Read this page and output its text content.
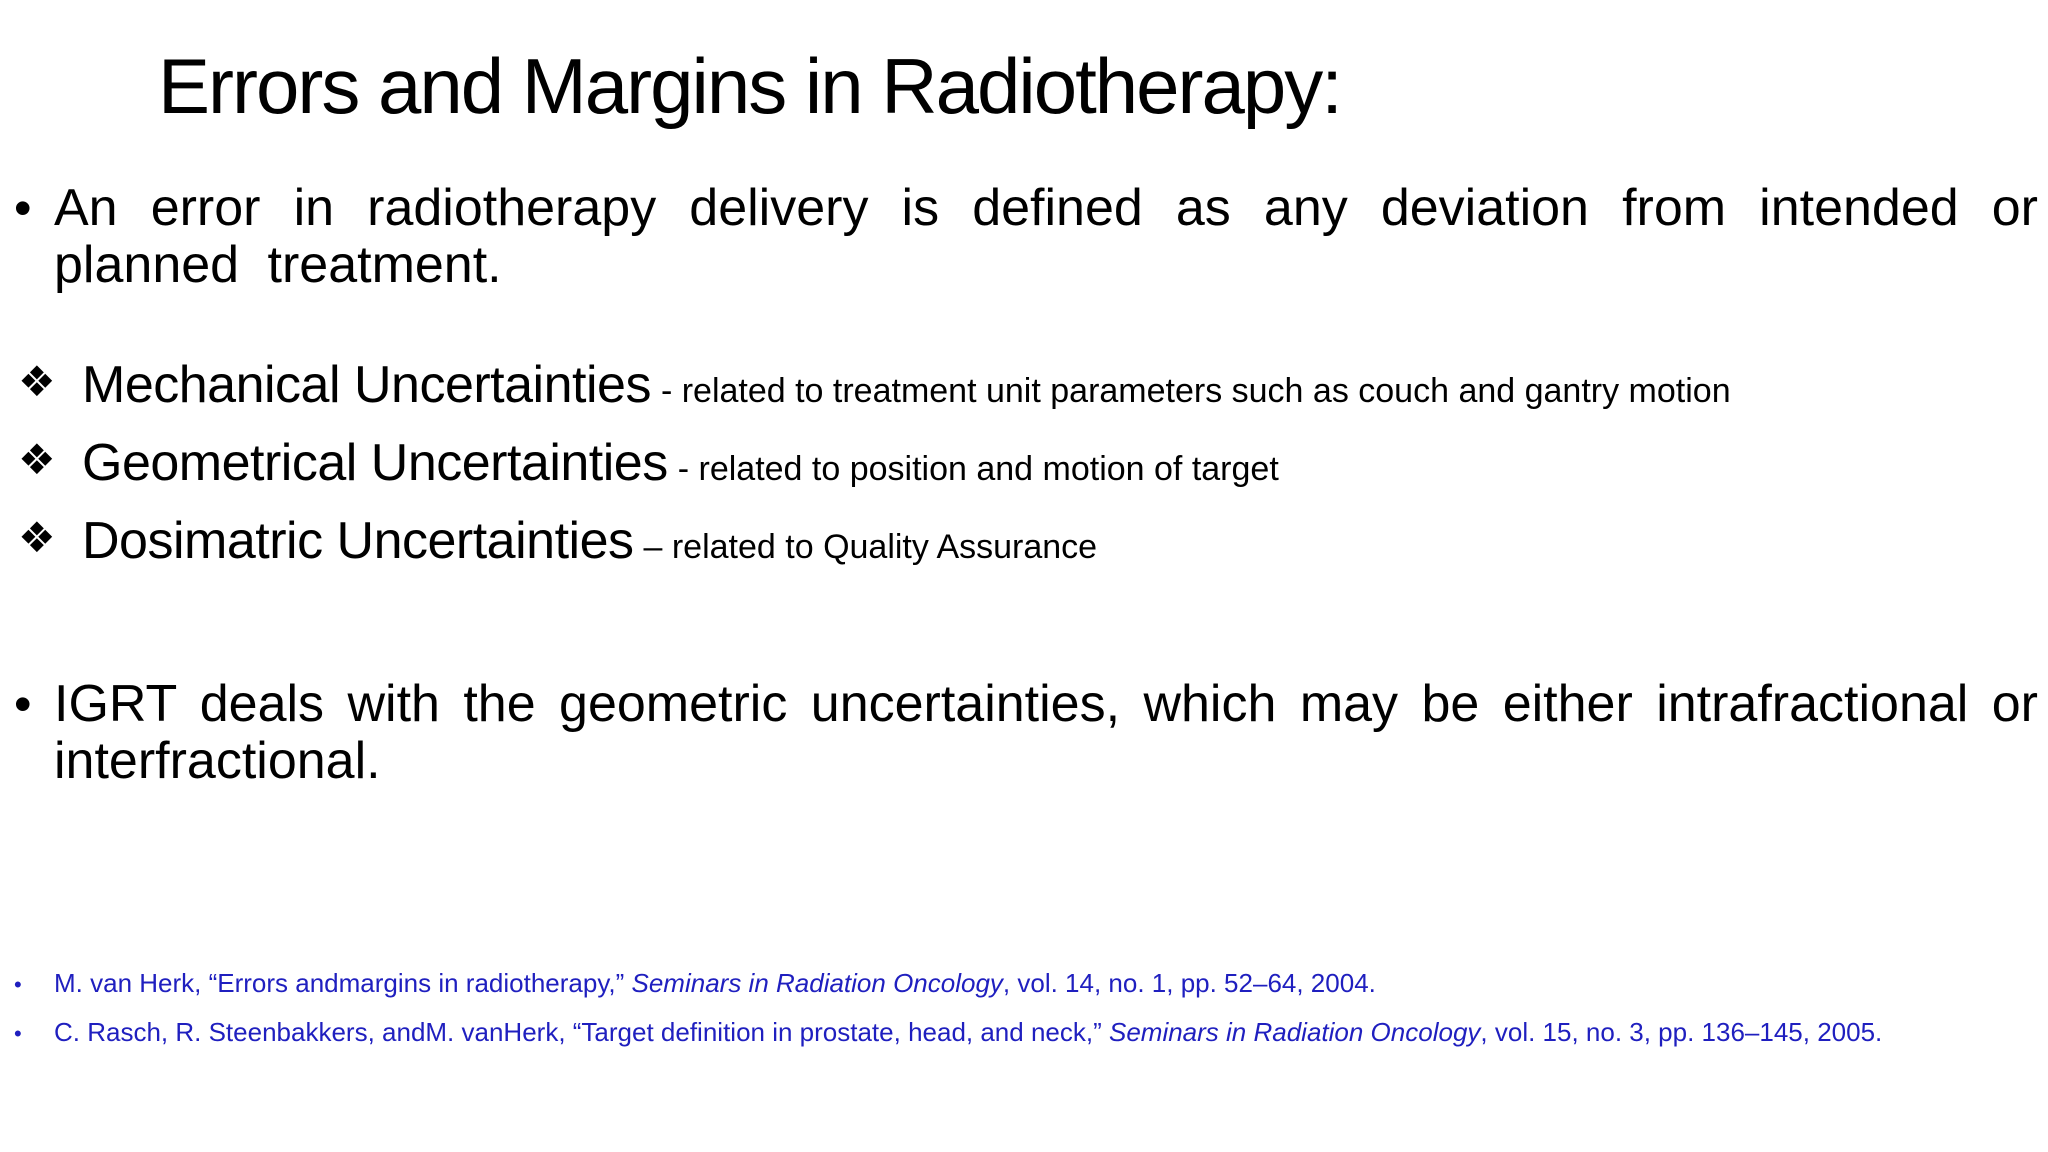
Errors and Margins in Radiotherapy:
• An error in radiotherapy delivery is defined as any deviation from intended or planned treatment.
❖ Mechanical Uncertainties - related to treatment unit parameters such as couch and gantry motion
❖ Geometrical Uncertainties - related to position and motion of target
❖ Dosimatric Uncertainties – related to Quality Assurance
• IGRT deals with the geometric uncertainties, which may be either intrafractional or interfractional.
•	M. van Herk, “Errors andmargins in radiotherapy,” Seminars in Radiation Oncology, vol. 14, no. 1, pp. 52–64, 2004.
•	C. Rasch, R. Steenbakkers, andM. vanHerk, “Target definition in prostate, head, and neck,” Seminars in Radiation Oncology, vol. 15, no. 3, pp. 136–145, 2005.
